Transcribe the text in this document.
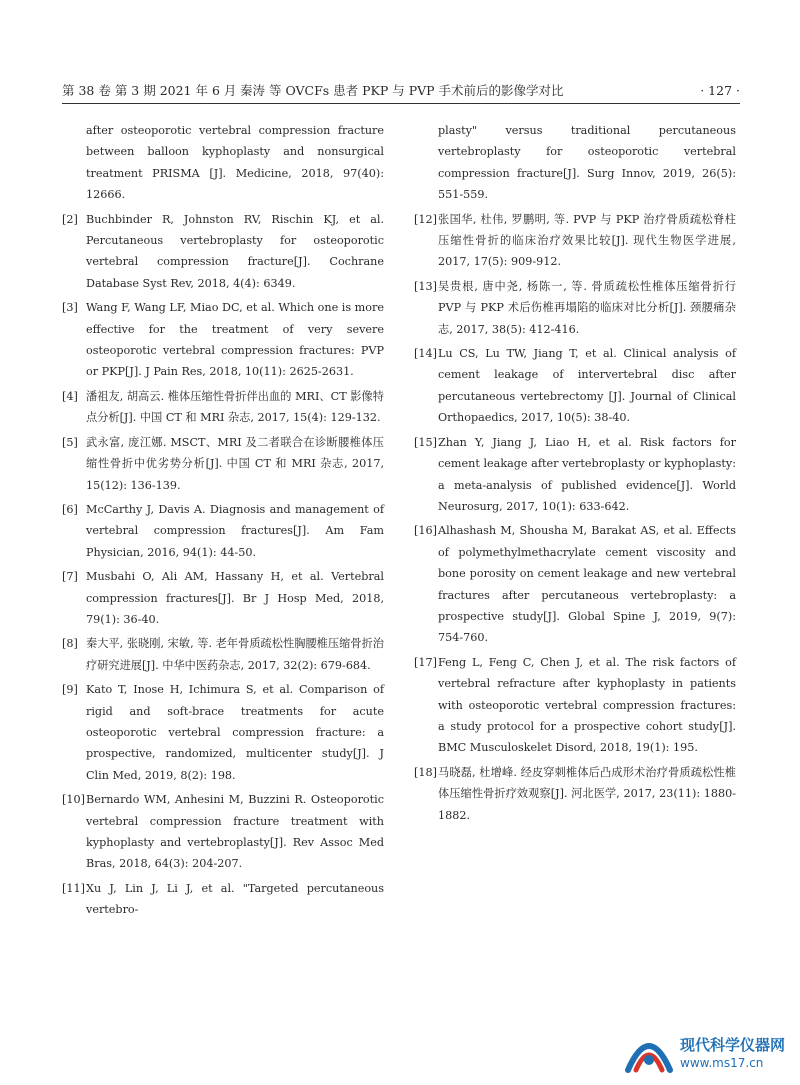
第 38 卷 第 3 期 2021 年 6 月 秦涛 等 OVCFs 患者 PKP 与 PVP 手术前后的影像学对比	· 127 ·

after osteoporotic vertebral compression fracture between balloon kyphoplasty and nonsurgical treatment PRISMA [J]. Medicine, 2018, 97(40): 12666.

[2] Buchbinder R, Johnston RV, Rischin KJ, et al. Percutaneous vertebroplasty for osteoporotic vertebral compression fracture[J]. Cochrane Database Syst Rev, 2018, 4(4): 6349.
[3] Wang F, Wang LF, Miao DC, et al. Which one is more effective for the treatment of very severe osteoporotic vertebral compression fractures: PVP or PKP[J]. J Pain Res, 2018, 10(11): 2625-2631.
[4] 潘祖友, 胡高云. 椎体压缩性骨折伴出血的 MRI、CT 影像特点分析[J]. 中国 CT 和 MRI 杂志, 2017, 15(4): 129-132.
[5] 武永富, 庞江娜. MSCT、MRI 及二者联合在诊断腰椎体压缩性骨折中优劣势分析[J]. 中国 CT 和 MRI 杂志, 2017, 15(12): 136-139.
[6] McCarthy J, Davis A. Diagnosis and management of vertebral compression fractures[J]. Am Fam Physician, 2016, 94(1): 44-50.
[7] Musbahi O, Ali AM, Hassany H, et al. Vertebral compression fractures[J]. Br J Hosp Med, 2018, 79(1): 36-40.
[8] 秦大平, 张晓刚, 宋敏, 等. 老年骨质疏松性胸腰椎压缩骨折治疗研究进展[J]. 中华中医药杂志, 2017, 32(2): 679-684.
[9] Kato T, Inose H, Ichimura S, et al. Comparison of rigid and soft-brace treatments for acute osteoporotic vertebral compression fracture: a prospective, randomized, multicenter study[J]. J Clin Med, 2019, 8(2): 198.
[10] Bernardo WM, Anhesini M, Buzzini R. Osteoporotic vertebral compression fracture treatment with kyphoplasty and vertebroplasty[J]. Rev Assoc Med Bras, 2018, 64(3): 204-207.
[11] Xu J, Lin J, Li J, et al. "Targeted percutaneous vertebro-

plasty" versus traditional percutaneous vertebroplasty for osteoporotic vertebral compression fracture[J]. Surg Innov, 2019, 26(5): 551-559.

[12] 张国华, 杜伟, 罗鹏明, 等. PVP 与 PKP 治疗骨质疏松脊柱压缩性骨折的临床治疗效果比较[J]. 现代生物医学进展, 2017, 17(5): 909-912.
[13] 吴贵根, 唐中尧, 杨陈一, 等. 骨质疏松性椎体压缩骨折行 PVP 与 PKP 术后伤椎再塌陷的临床对比分析[J]. 颈腰痛杂志, 2017, 38(5): 412-416.
[14] Lu CS, Lu TW, Jiang T, et al. Clinical analysis of cement leakage of intervertebral disc after percutaneous vertebrectomy [J]. Journal of Clinical Orthopaedics, 2017, 10(5): 38-40.
[15] Zhan Y, Jiang J, Liao H, et al. Risk factors for cement leakage after vertebroplasty or kyphoplasty: a meta-analysis of published evidence[J]. World Neurosurg, 2017, 10(1): 633-642.
[16] Alhashash M, Shousha M, Barakat AS, et al. Effects of polymethylmethacrylate cement viscosity and bone porosity on cement leakage and new vertebral fractures after percutaneous vertebroplasty: a prospective study[J]. Global Spine J, 2019, 9(7): 754-760.
[17] Feng L, Feng C, Chen J, et al. The risk factors of vertebral refracture after kyphoplasty in patients with osteoporotic vertebral compression fractures: a study protocol for a prospective cohort study[J]. BMC Musculoskelet Disord, 2018, 19(1): 195.
[18] 马晓磊, 杜增峰. 经皮穿刺椎体后凸成形术治疗骨质疏松性椎体压缩性骨折疗效观察[J]. 河北医学, 2017, 23(11): 1880-1882.
现代科学仪器网
www.ms17.cn
